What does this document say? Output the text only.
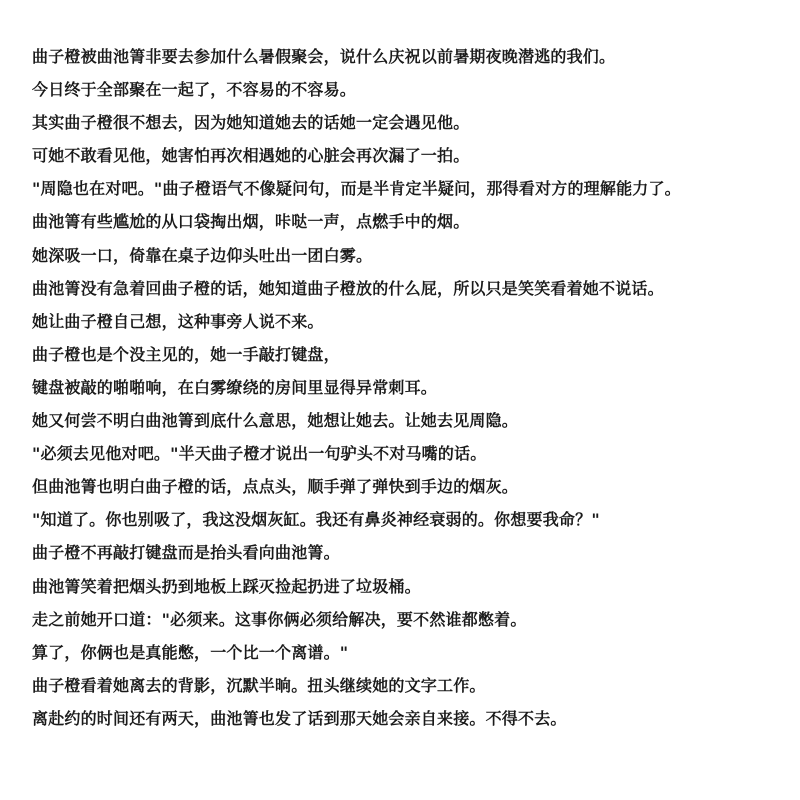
曲子橙被曲池箐非要去参加什么暑假聚会，说什么庆祝以前暑期夜晚潜逃的我们。
今日终于全部聚在一起了，不容易的不容易。
其实曲子橙很不想去，因为她知道她去的话她一定会遇见他。
可她不敢看见他，她害怕再次相遇她的心脏会再次漏了一拍。
"周隐也在对吧。"曲子橙语气不像疑问句，而是半肯定半疑问，那得看对方的理解能力了。
曲池箐有些尴尬的从口袋掏出烟，咔哒一声，点燃手中的烟。
她深吸一口，倚靠在桌子边仰头吐出一团白雾。
曲池箐没有急着回曲子橙的话，她知道曲子橙放的什么屁，所以只是笑笑看着她不说话。
她让曲子橙自己想，这种事旁人说不来。
曲子橙也是个没主见的，她一手敲打键盘，
键盘被敲的啪啪响，在白雾缭绕的房间里显得异常刺耳。
她又何尝不明白曲池箐到底什么意思，她想让她去。让她去见周隐。
"必须去见他对吧。"半天曲子橙才说出一句驴头不对马嘴的话。
但曲池箐也明白曲子橙的话，点点头，顺手弹了弹快到手边的烟灰。
"知道了。你也别吸了，我这没烟灰缸。我还有鼻炎神经衰弱的。你想要我命？"
曲子橙不再敲打键盘而是抬头看向曲池箐。
曲池箐笑着把烟头扔到地板上踩灭捡起扔进了垃圾桶。
走之前她开口道："必须来。这事你俩必须给解决，要不然谁都憋着。
算了，你俩也是真能憋，一个比一个离谱。"
曲子橙看着她离去的背影，沉默半晌。扭头继续她的文字工作。
离赴约的时间还有两天，曲池箐也发了话到那天她会亲自来接。不得不去。
